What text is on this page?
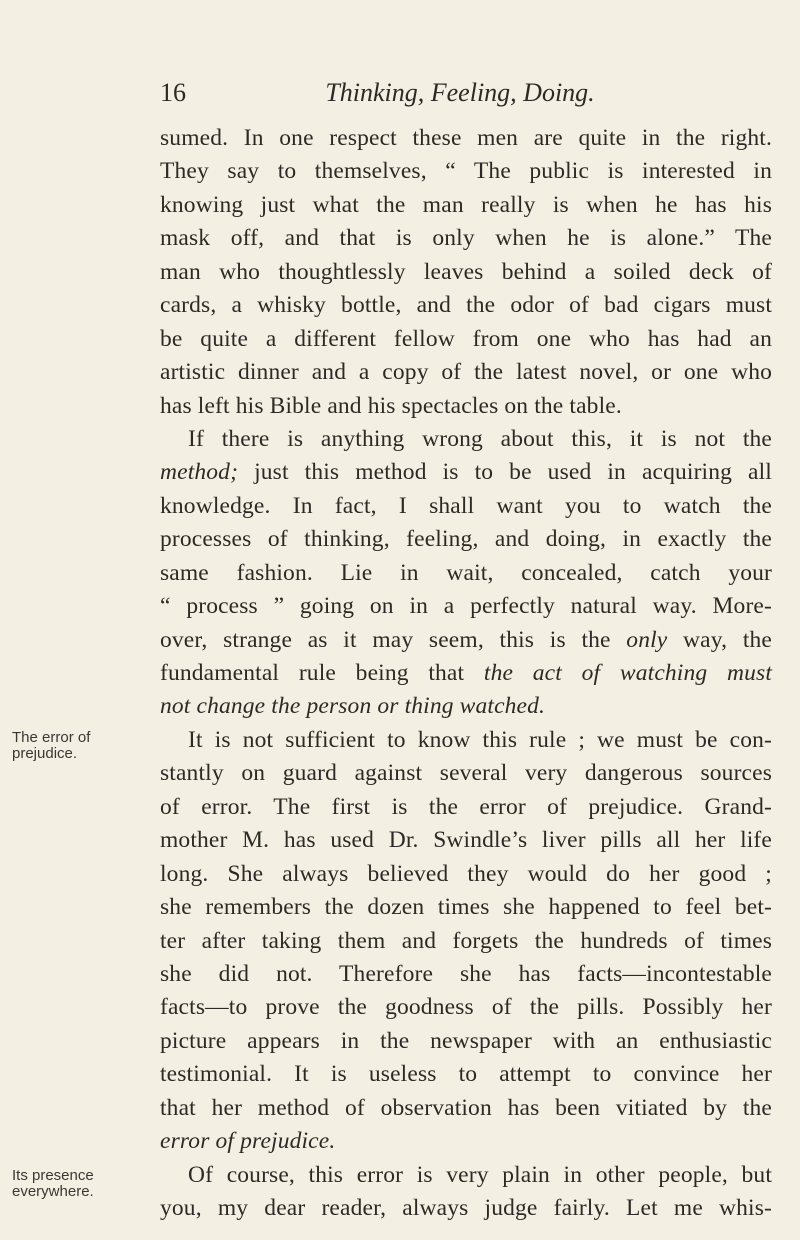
16	Thinking, Feeling, Doing.
The error of
prejudice.
Its presence
everywhere.
sumed. In one respect these men are quite in the right.
They say to themselves, “ The public is interested in
knowing just what the man really is when he has his
mask off, and that is only when he is alone.” The
man who thoughtlessly leaves behind a soiled deck of
cards, a whisky bottle, and the odor of bad cigars must
be quite a different fellow from one who has had an
artistic dinner and a copy of the latest novel, or one who
has left his Bible and his spectacles on the table.
If there is anything wrong about this, it is not the
method; just this method is to be used in acquiring all
knowledge. In fact, I shall want you to watch the
processes of thinking, feeling, and doing, in exactly the
same fashion. Lie in wait, concealed, catch your
“ process ” going on in a perfectly natural way. More-
over, strange as it may seem, this is the only way, the
fundamental rule being that the act of watching must
not change the person or thing watched.
It is not sufficient to know this rule ; we must be con-
stantly on guard against several very dangerous sources
of error. The first is the error of prejudice. Grand-
mother M. has used Dr. Swindle’s liver pills all her life
long. She always believed they would do her good ;
she remembers the dozen times she happened to feel bet-
ter after taking them and forgets the hundreds of times
she did not. Therefore she has facts—incontestable
facts—to prove the goodness of the pills. Possibly her
picture appears in the newspaper with an enthusiastic
testimonial. It is useless to attempt to convince her
that her method of observation has been vitiated by the
error of prejudice.
Of course, this error is very plain in other people, but
you, my dear reader, always judge fairly. Let me whis-
